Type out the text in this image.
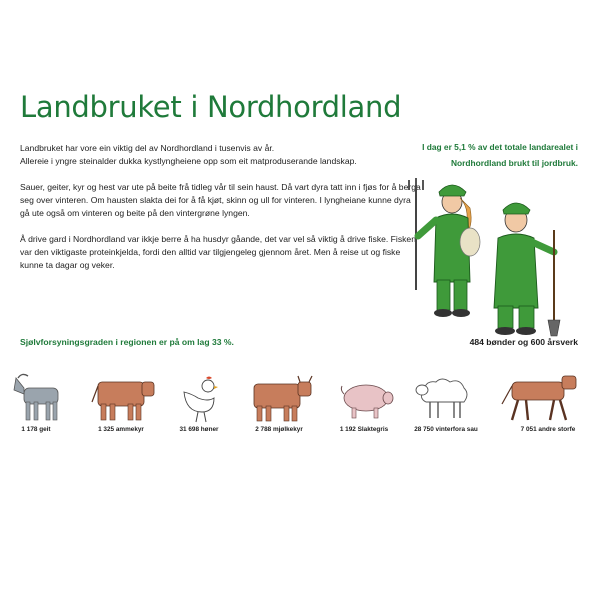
Landbruket i Nordhordland

Landbruket har vore ein viktig del av Nordhordland i tusenvis av år.
Allereie i yngre steinalder dukka kystlyngheiene opp som eit matproduserande landskap.

Sauer, geiter, kyr og hest var ute på beite frå tidleg vår til sein haust. Då vart dyra tatt inn i fjøs for å berga seg over vinteren. Om hausten slakta dei for å få kjøt, skinn og ull for vinteren. I lyngheiane kunne dyra gå ute også om vinteren og beite på den vintergrøne lyngen.

Å drive gard i Nordhordland var ikkje berre å ha husdyr gåande, det var vel så viktig å drive fiske. Fisken var den viktigaste proteinkjelda, fordi den alltid var tilgjengeleg gjennom året. Men å reise ut og fiske kunne ta dagar og veker.

Sjølvforsyningsgraden i regionen er på om lag 33 %.
I dag er 5,1 % av det totale landarealet i Nordhordland brukt til jordbruk.
484 bønder og 600 årsverk
1 178 geit	1 325 ammekyr	31 698 høner	2 788 mjølkekyr	1 192 Slaktegris	28 750 vinterfora sau	7 051 andre storfe
